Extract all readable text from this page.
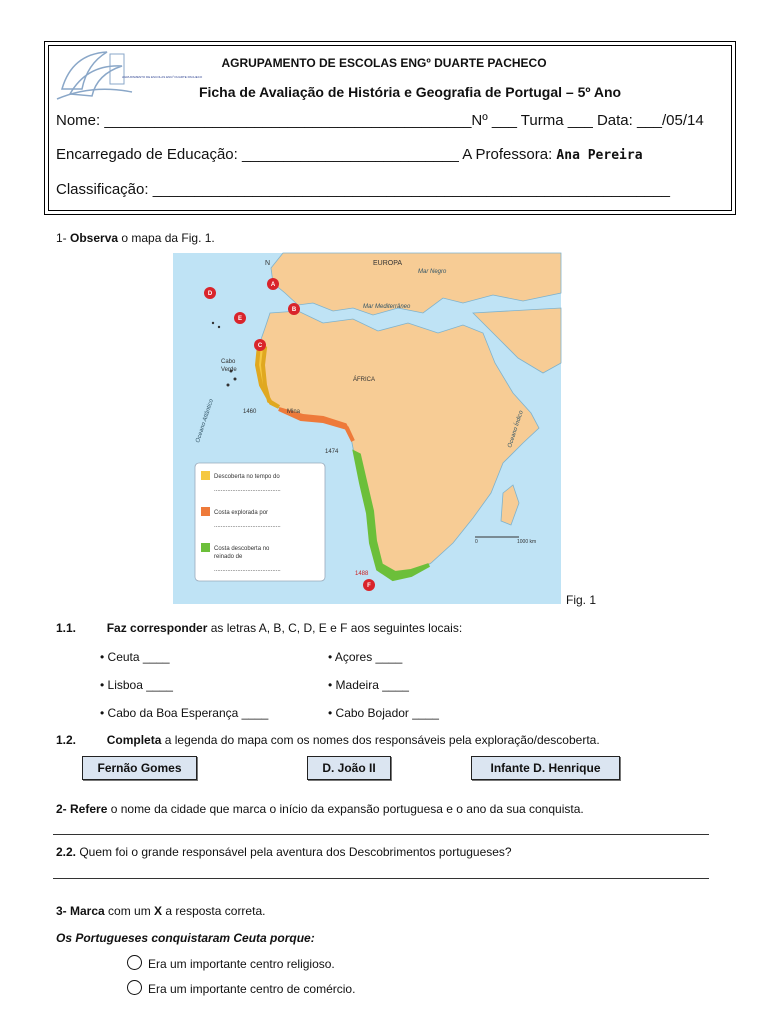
AGRUPAMENTO DE ESCOLAS ENGº DUARTE PACHECO
AGRUPAMENTO DE ESCOLAS ENGº DUARTE PACHECO
Ficha de Avaliação de História e Geografia de Portugal – 5º Ano
Nome: ____________________________________________Nº ___ Turma ___ Data: ___/05/14
Encarregado de Educação: __________________________ A Professora: Ana Pereira
Classificação: ______________________________________________________________
1- Observa o mapa da Fig. 1.
EUROPA
Mar Negro
Mar Mediterrâneo
ÁFRICA
Cabo
Verde
Oceano Atlântico	Oceano Índico
N
Mina
1460
1474
1488
0	1000 km
A
B
C
D
E
F
Descoberta no tempo do
........................................
Costa explorada por
........................................
Costa descoberta no
reinado de
........................................
Fig. 1
1.1.	Faz corresponder as letras A, B, C, D, E e F aos seguintes locais:
• Ceuta ____	• Açores ____
• Lisboa ____	• Madeira ____
• Cabo da Boa Esperança ____	• Cabo Bojador ____
1.2.	Completa a legenda do mapa com os nomes dos responsáveis pela exploração/descoberta.
Fernão Gomes	D. João II	Infante D. Henrique
2- Refere o nome da cidade que marca o início da expansão portuguesa e o ano da sua conquista.
2.2. Quem foi o grande responsável pela aventura dos Descobrimentos portugueses?
3- Marca com um X a resposta correta.
Os Portugueses conquistaram Ceuta porque:
Era um importante centro religioso.
Era um importante centro de comércio.
